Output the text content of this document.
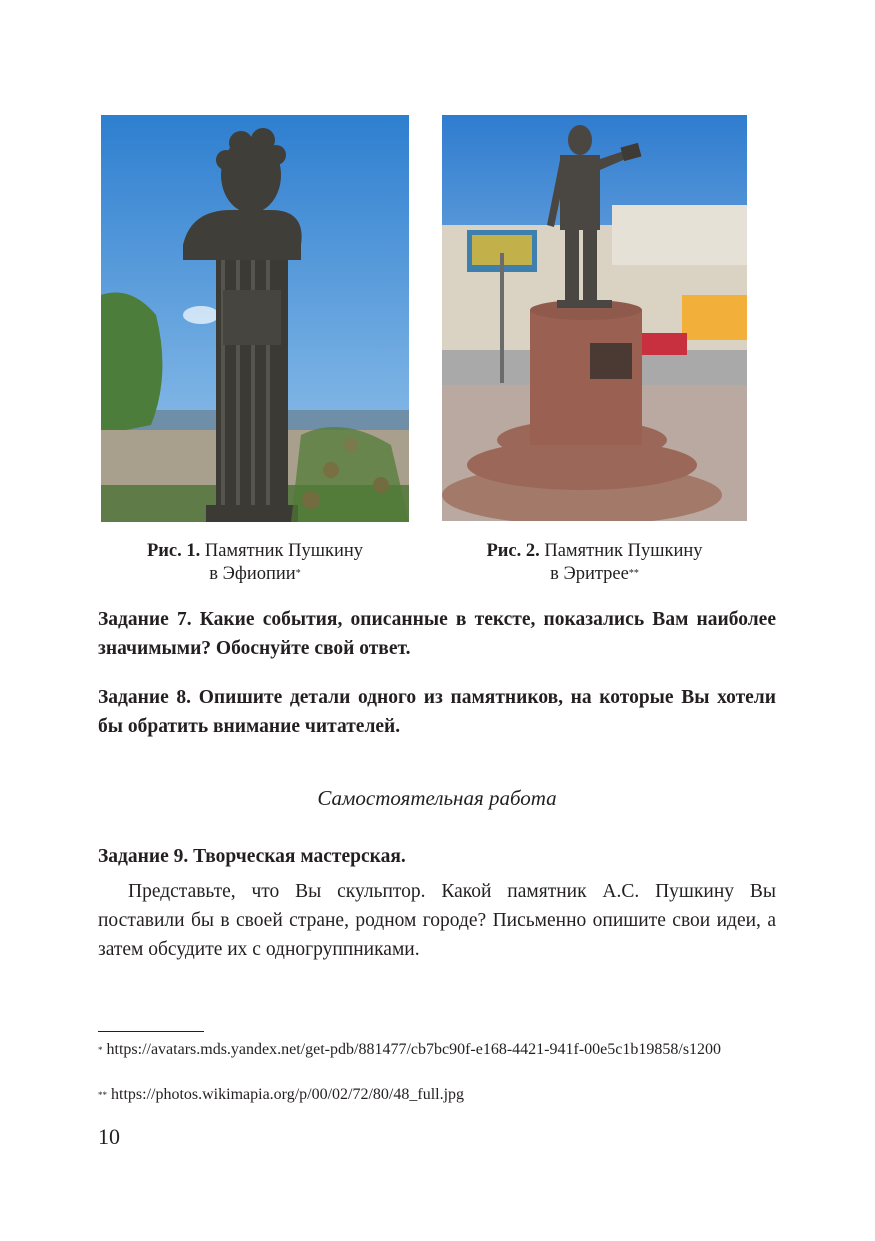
Рис. 1. Памятник Пушкину
в Эфиопии*
Рис. 2. Памятник Пушкину
в Эритрее**
Задание 7. Какие события, описанные в тексте, показались Вам наиболее значимыми? Обоснуйте свой ответ.
Задание 8. Опишите детали одного из памятников, на которые Вы хотели бы обратить внимание читателей.
Самостоятельная работа
Задание 9. Творческая мастерская.
Представьте, что Вы скульптор. Какой памятник А.С. Пушкину Вы поставили бы в своей стране, родном городе? Письменно опишите свои идеи, а затем обсудите их с одногруппниками.
* https://avatars.mds.yandex.net/get-pdb/881477/cb7bc90f-e168-4421-941f-00e5c1b19858/s1200
** https://photos.wikimapia.org/p/00/02/72/80/48_full.jpg
10
